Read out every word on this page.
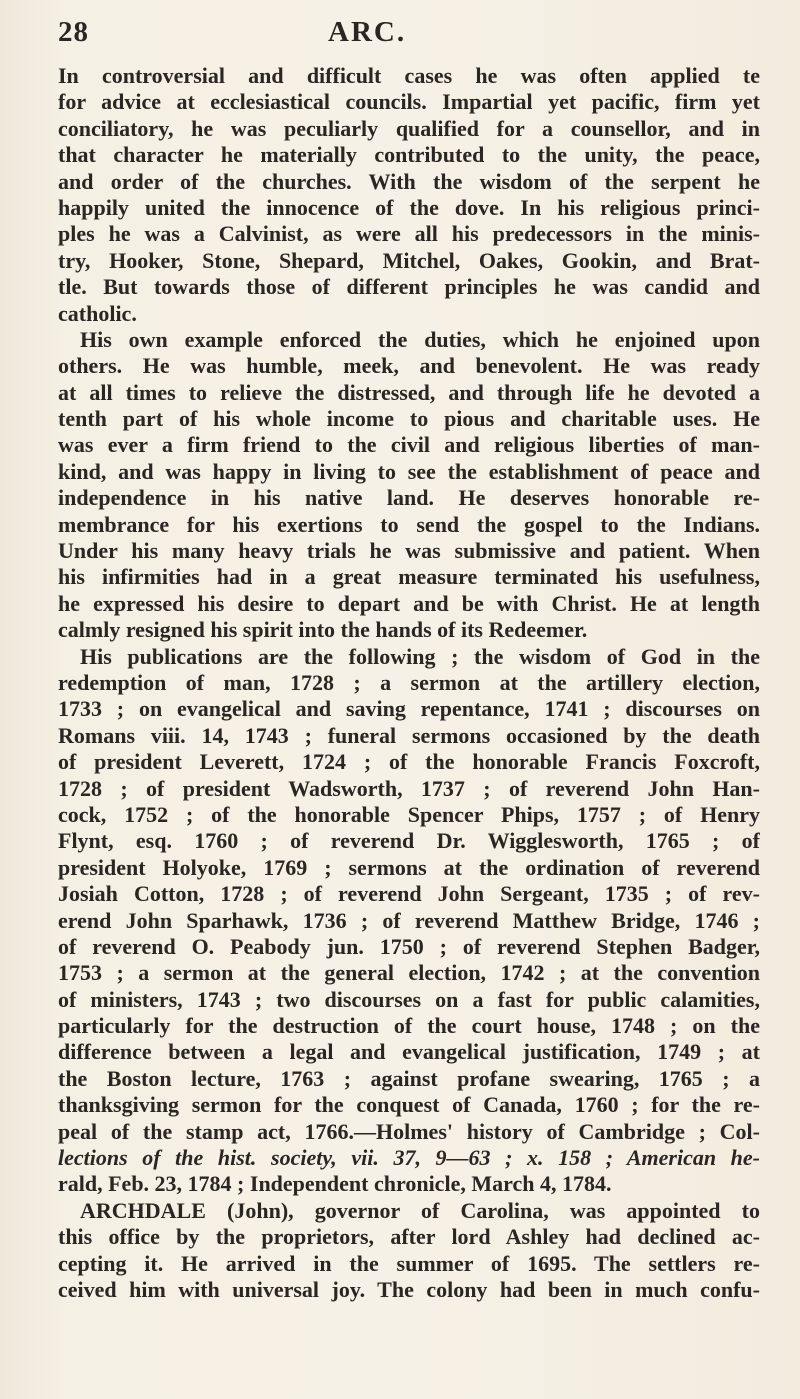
28	ARC.
In controversial and difficult cases he was often applied te
for advice at ecclesiastical councils. Impartial yet pacific, firm yet
conciliatory, he was peculiarly qualified for a counsellor, and in
that character he materially contributed to the unity, the peace,
and order of the churches. With the wisdom of the serpent he
happily united the innocence of the dove. In his religious princi-
ples he was a Calvinist, as were all his predecessors in the minis-
try, Hooker, Stone, Shepard, Mitchel, Oakes, Gookin, and Brat-
tle. But towards those of different principles he was candid and
catholic.
His own example enforced the duties, which he enjoined upon
others. He was humble, meek, and benevolent. He was ready
at all times to relieve the distressed, and through life he devoted a
tenth part of his whole income to pious and charitable uses. He
was ever a firm friend to the civil and religious liberties of man-
kind, and was happy in living to see the establishment of peace and
independence in his native land. He deserves honorable re-
membrance for his exertions to send the gospel to the Indians.
Under his many heavy trials he was submissive and patient. When
his infirmities had in a great measure terminated his usefulness,
he expressed his desire to depart and be with Christ. He at length
calmly resigned his spirit into the hands of its Redeemer.
His publications are the following ; the wisdom of God in the
redemption of man, 1728 ; a sermon at the artillery election,
1733 ; on evangelical and saving repentance, 1741 ; discourses on
Romans viii. 14, 1743 ; funeral sermons occasioned by the death
of president Leverett, 1724 ; of the honorable Francis Foxcroft,
1728 ; of president Wadsworth, 1737 ; of reverend John Han-
cock, 1752 ; of the honorable Spencer Phips, 1757 ; of Henry
Flynt, esq. 1760 ; of reverend Dr. Wigglesworth, 1765 ; of
president Holyoke, 1769 ; sermons at the ordination of reverend
Josiah Cotton, 1728 ; of reverend John Sergeant, 1735 ; of rev-
erend John Sparhawk, 1736 ; of reverend Matthew Bridge, 1746 ;
of reverend O. Peabody jun. 1750 ; of reverend Stephen Badger,
1753 ; a sermon at the general election, 1742 ; at the convention
of ministers, 1743 ; two discourses on a fast for public calamities,
particularly for the destruction of the court house, 1748 ; on the
difference between a legal and evangelical justification, 1749 ; at
the Boston lecture, 1763 ; against profane swearing, 1765 ; a
thanksgiving sermon for the conquest of Canada, 1760 ; for the re-
peal of the stamp act, 1766.—Holmes' history of Cambridge ; Col-
lections of the hist. society, vii. 37, 9—63 ; x. 158 ; American he-
rald, Feb. 23, 1784 ; Independent chronicle, March 4, 1784.
ARCHDALE (John), governor of Carolina, was appointed to
this office by the proprietors, after lord Ashley had declined ac-
cepting it. He arrived in the summer of 1695. The settlers re-
ceived him with universal joy. The colony had been in much confu-
